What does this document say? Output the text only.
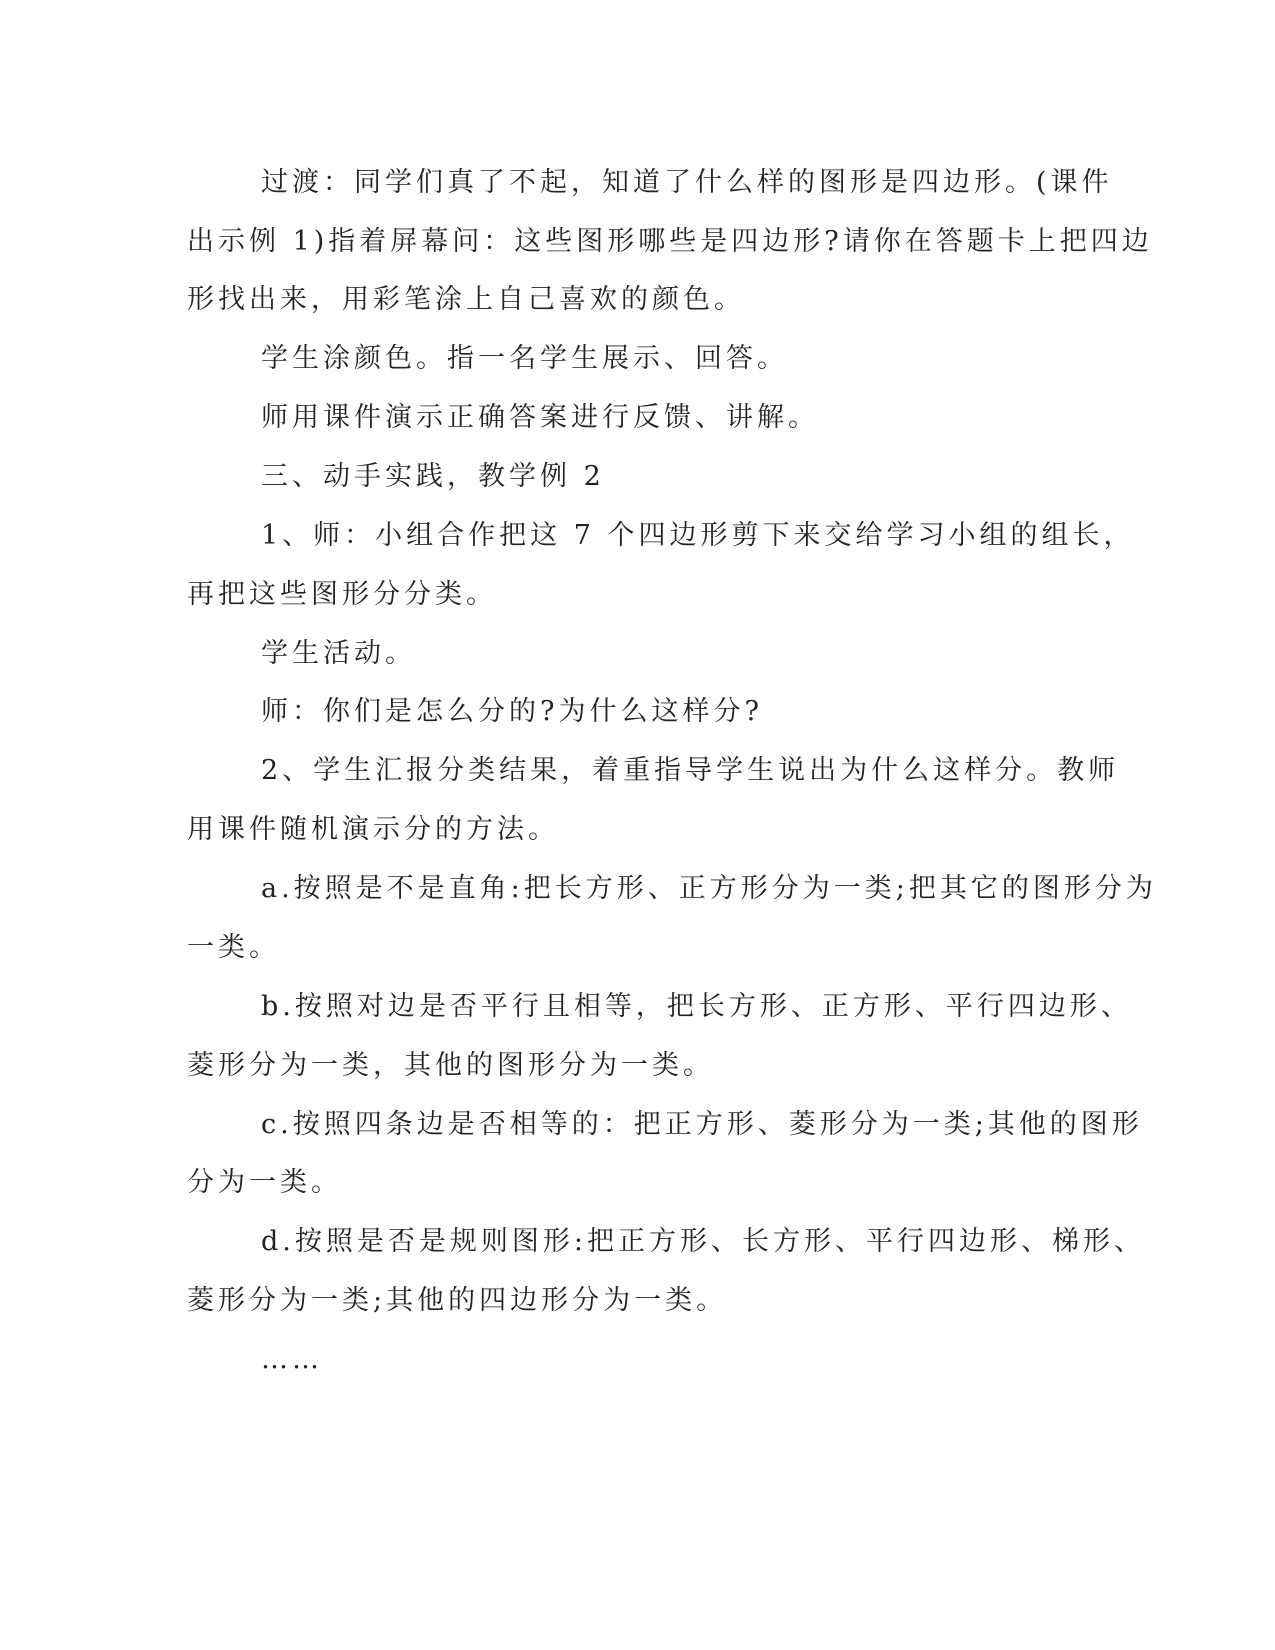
过渡：同学们真了不起，知道了什么样的图形是四边形。(课件

出示例 1)指着屏幕问：这些图形哪些是四边形?请你在答题卡上把四边

形找出来，用彩笔涂上自己喜欢的颜色。

学生涂颜色。指一名学生展示、回答。

师用课件演示正确答案进行反馈、讲解。

三、动手实践，教学例 2

1、师：小组合作把这 7 个四边形剪下来交给学习小组的组长，

再把这些图形分分类。

学生活动。

师：你们是怎么分的?为什么这样分?

2、学生汇报分类结果，着重指导学生说出为什么这样分。教师

用课件随机演示分的方法。

a.按照是不是直角:把长方形、正方形分为一类;把其它的图形分为

一类。

b.按照对边是否平行且相等，把长方形、正方形、平行四边形、

菱形分为一类，其他的图形分为一类。

c.按照四条边是否相等的：把正方形、菱形分为一类;其他的图形

分为一类。

d.按照是否是规则图形:把正方形、长方形、平行四边形、梯形、

菱形分为一类;其他的四边形分为一类。

……
